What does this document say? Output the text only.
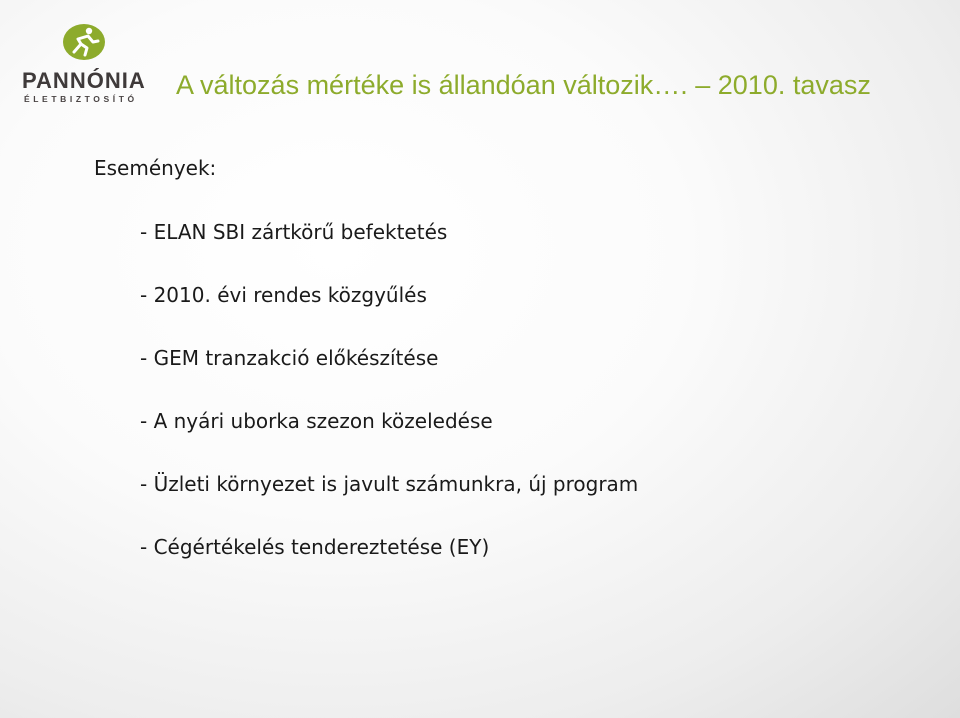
PANNÓNIA
ÉLETBIZTOSÍTÓ	A változás mértéke is állandóan változik…. – 2010. tavasz
Események:
- ELAN SBI zártkörű befektetés
- 2010. évi rendes közgyűlés
- GEM tranzakció előkészítése
- A nyári uborka szezon közeledése
- Üzleti környezet is javult számunkra, új program
- Cégértékelés tendereztetése (EY)
